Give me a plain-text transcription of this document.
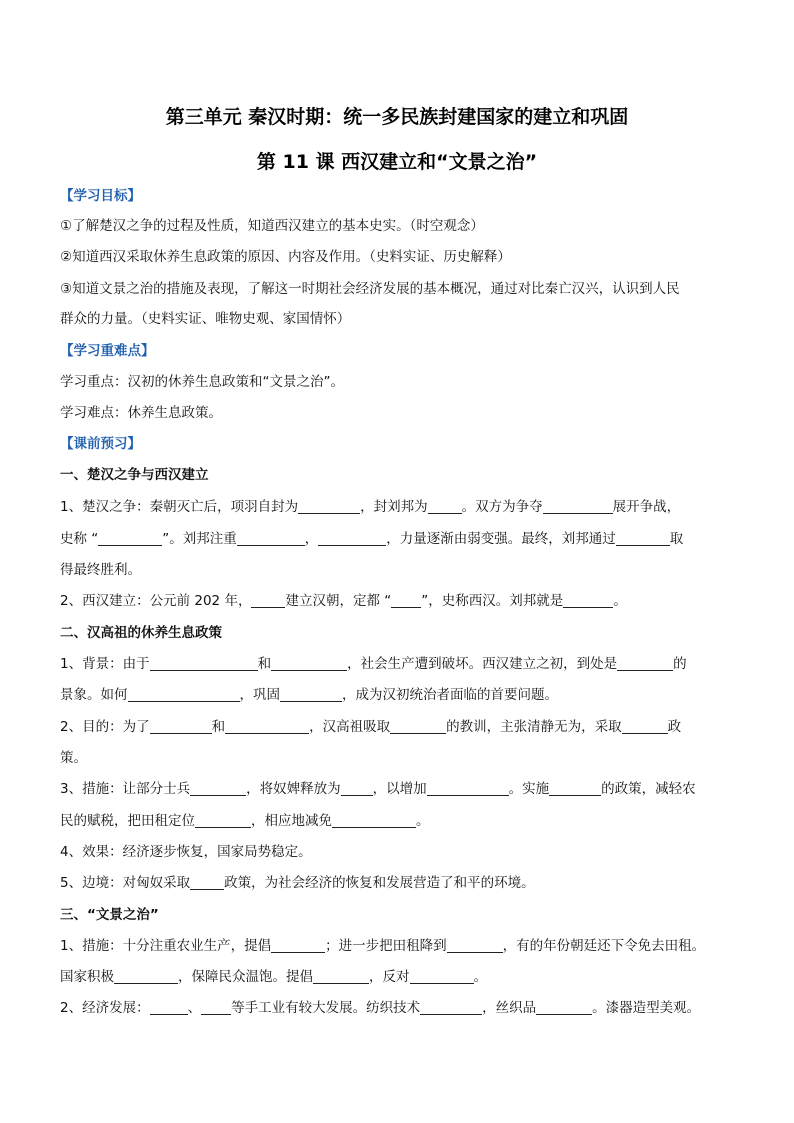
第三单元 秦汉时期：统一多民族封建国家的建立和巩固
第 11 课 西汉建立和“文景之治”
【学习目标】
①了解楚汉之争的过程及性质，知道西汉建立的基本史实。（时空观念）
②知道西汉采取休养生息政策的原因、内容及作用。（史料实证、历史解释）
③知道文景之治的措施及表现，了解这一时期社会经济发展的基本概况，通过对比秦亡汉兴，认识到人民
群众的力量。（史料实证、唯物史观、家国情怀）
【学习重难点】
学习重点：汉初的休养生息政策和“文景之治”。
学习难点：休养生息政策。
【课前预习】
一、楚汉之争与西汉建立
1、楚汉之争：秦朝灭亡后，项羽自封为	，封刘邦为	。双方为争夺	展开争战，
史称 “	”。刘邦注重	，	，力量逐渐由弱变强。最终，刘邦通过	取
得最终胜利。
2、西汉建立：公元前 202 年，	建立汉朝，定都 “ ”，史称西汉。刘邦就是	。
二、汉高祖的休养生息政策
1、背景：由于	和	，社会生产遭到破坏。西汉建立之初，到处是	的
景象。如何	，巩固	，成为汉初统治者面临的首要问题。
2、目的：为了	和	，汉高祖吸取	的教训，主张清静无为，采取	政
策。
3、措施：让部分士兵	，将奴婢释放为 ，以增加	。实施	的政策，减轻农
民的赋税，把田租定位	，相应地减免	。
4、效果：经济逐步恢复，国家局势稳定。
5、边境：对匈奴采取	政策，为社会经济的恢复和发展营造了和平的环境。
三、“文景之治”
1、措施：十分注重农业生产，提倡	；进一步把田租降到	，有的年份朝廷还下令免去田租。
国家积极	，保障民众温饱。提倡	，反对	。
2、经济发展：	、 等手工业有较大发展。纺织技术	，丝织品	。漆器造型美观。
